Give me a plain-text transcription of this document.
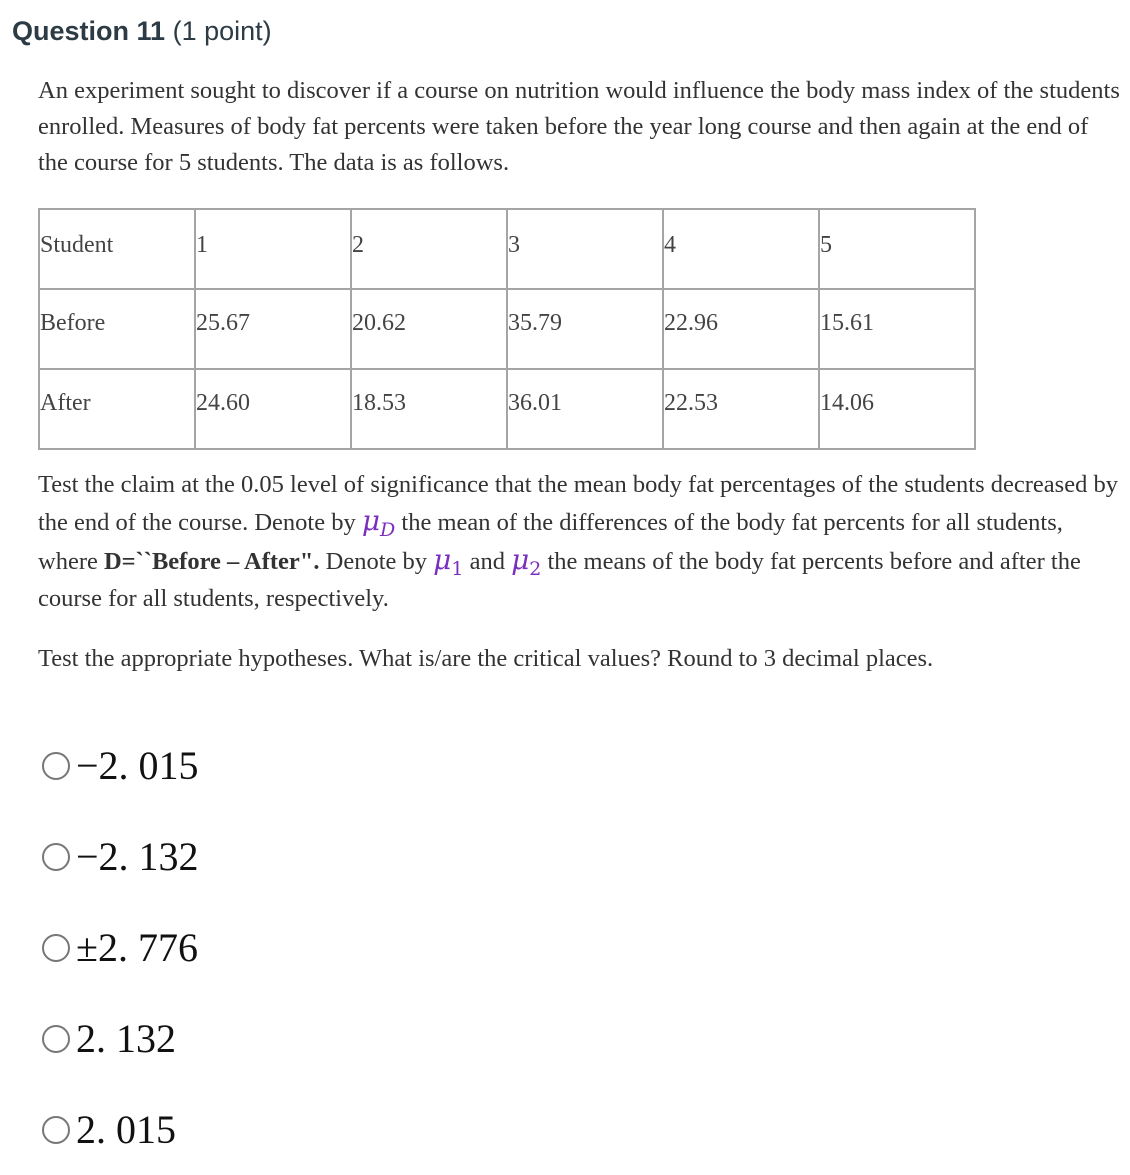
Question 11 (1 point)

An experiment sought to discover if a course on nutrition would influence the body mass index of the students enrolled. Measures of body fat percents were taken before the year long course and then again at the end of the course for 5 students. The data is as follows.

Student	1	2	3	4	5
Before	25.67	20.62	35.79	22.96	15.61
After	24.60	18.53	36.01	22.53	14.06

Test the claim at the 0.05 level of significance that the mean body fat percentages of the students decreased by the end of the course. Denote by $\mu_D$ the mean of the differences of the body fat percents for all students, where D=``Before – After". Denote by $\mu_1$ and $\mu_2$ the means of the body fat percents before and after the course for all students, respectively.

Test the appropriate hypotheses. What is/are the critical values? Round to 3 decimal places.

−2. 015
−2. 132
±2. 776
2. 132
2. 015
